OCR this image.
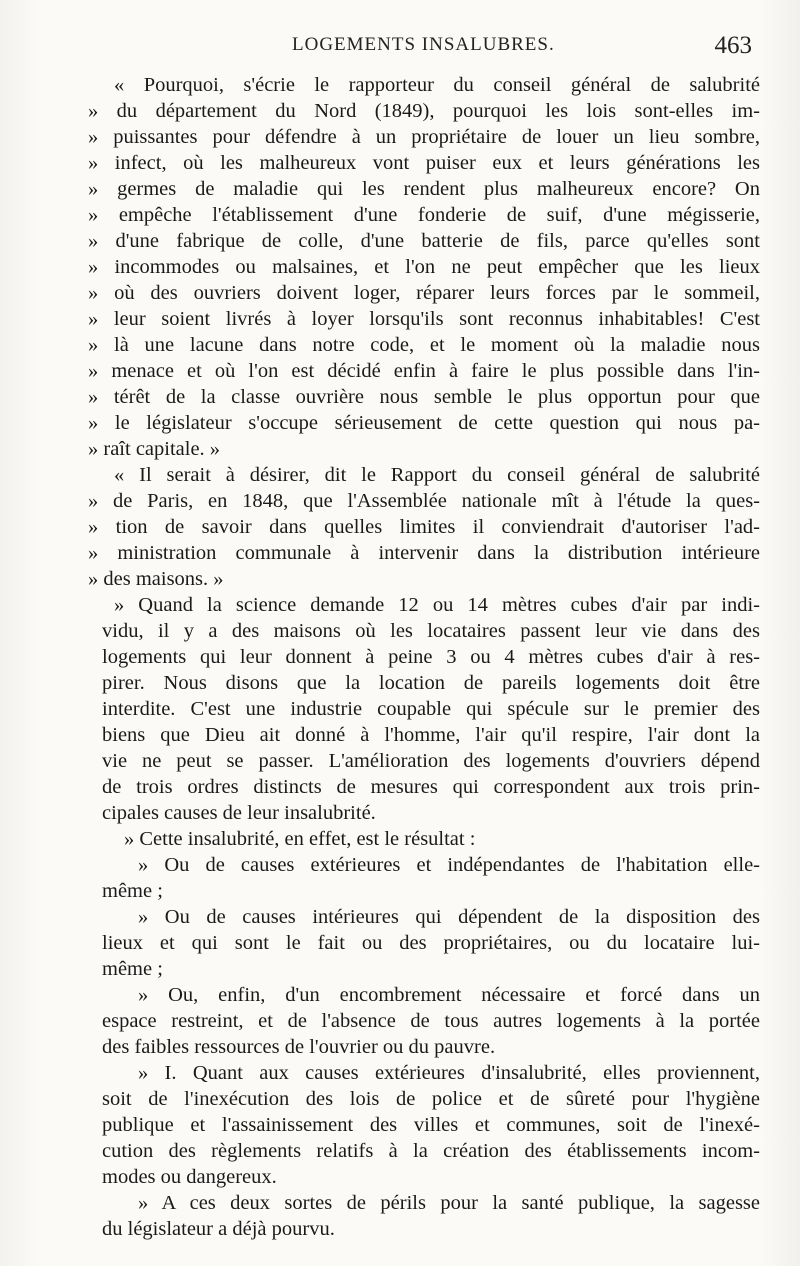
LOGEMENTS INSALUBRES.	463
« Pourquoi, s'écrie le rapporteur du conseil général de salubrité
» du département du Nord (1849), pourquoi les lois sont-elles im-
» puissantes pour défendre à un propriétaire de louer un lieu sombre,
» infect, où les malheureux vont puiser eux et leurs générations les
» germes de maladie qui les rendent plus malheureux encore? On
» empêche l'établissement d'une fonderie de suif, d'une mégisserie,
» d'une fabrique de colle, d'une batterie de fils, parce qu'elles sont
» incommodes ou malsaines, et l'on ne peut empêcher que les lieux
» où des ouvriers doivent loger, réparer leurs forces par le sommeil,
» leur soient livrés à loyer lorsqu'ils sont reconnus inhabitables! C'est
» là une lacune dans notre code, et le moment où la maladie nous
» menace et où l'on est décidé enfin à faire le plus possible dans l'in-
» térêt de la classe ouvrière nous semble le plus opportun pour que
» le législateur s'occupe sérieusement de cette question qui nous pa-
» raît capitale. »
« Il serait à désirer, dit le Rapport du conseil général de salubrité
» de Paris, en 1848, que l'Assemblée nationale mît à l'étude la ques-
» tion de savoir dans quelles limites il conviendrait d'autoriser l'ad-
» ministration communale à intervenir dans la distribution intérieure
» des maisons. »
» Quand la science demande 12 ou 14 mètres cubes d'air par indi-
vidu, il y a des maisons où les locataires passent leur vie dans des
logements qui leur donnent à peine 3 ou 4 mètres cubes d'air à res-
pirer. Nous disons que la location de pareils logements doit être
interdite. C'est une industrie coupable qui spécule sur le premier des
biens que Dieu ait donné à l'homme, l'air qu'il respire, l'air dont la
vie ne peut se passer. L'amélioration des logements d'ouvriers dépend
de trois ordres distincts de mesures qui correspondent aux trois prin-
cipales causes de leur insalubrité.
» Cette insalubrité, en effet, est le résultat :
» Ou de causes extérieures et indépendantes de l'habitation elle-
même ;
» Ou de causes intérieures qui dépendent de la disposition des
lieux et qui sont le fait ou des propriétaires, ou du locataire lui-
même ;
» Ou, enfin, d'un encombrement nécessaire et forcé dans un
espace restreint, et de l'absence de tous autres logements à la portée
des faibles ressources de l'ouvrier ou du pauvre.
» I. Quant aux causes extérieures d'insalubrité, elles proviennent,
soit de l'inexécution des lois de police et de sûreté pour l'hygiène
publique et l'assainissement des villes et communes, soit de l'inexé-
cution des règlements relatifs à la création des établissements incom-
modes ou dangereux.
» A ces deux sortes de périls pour la santé publique, la sagesse
du législateur a déjà pourvu.
